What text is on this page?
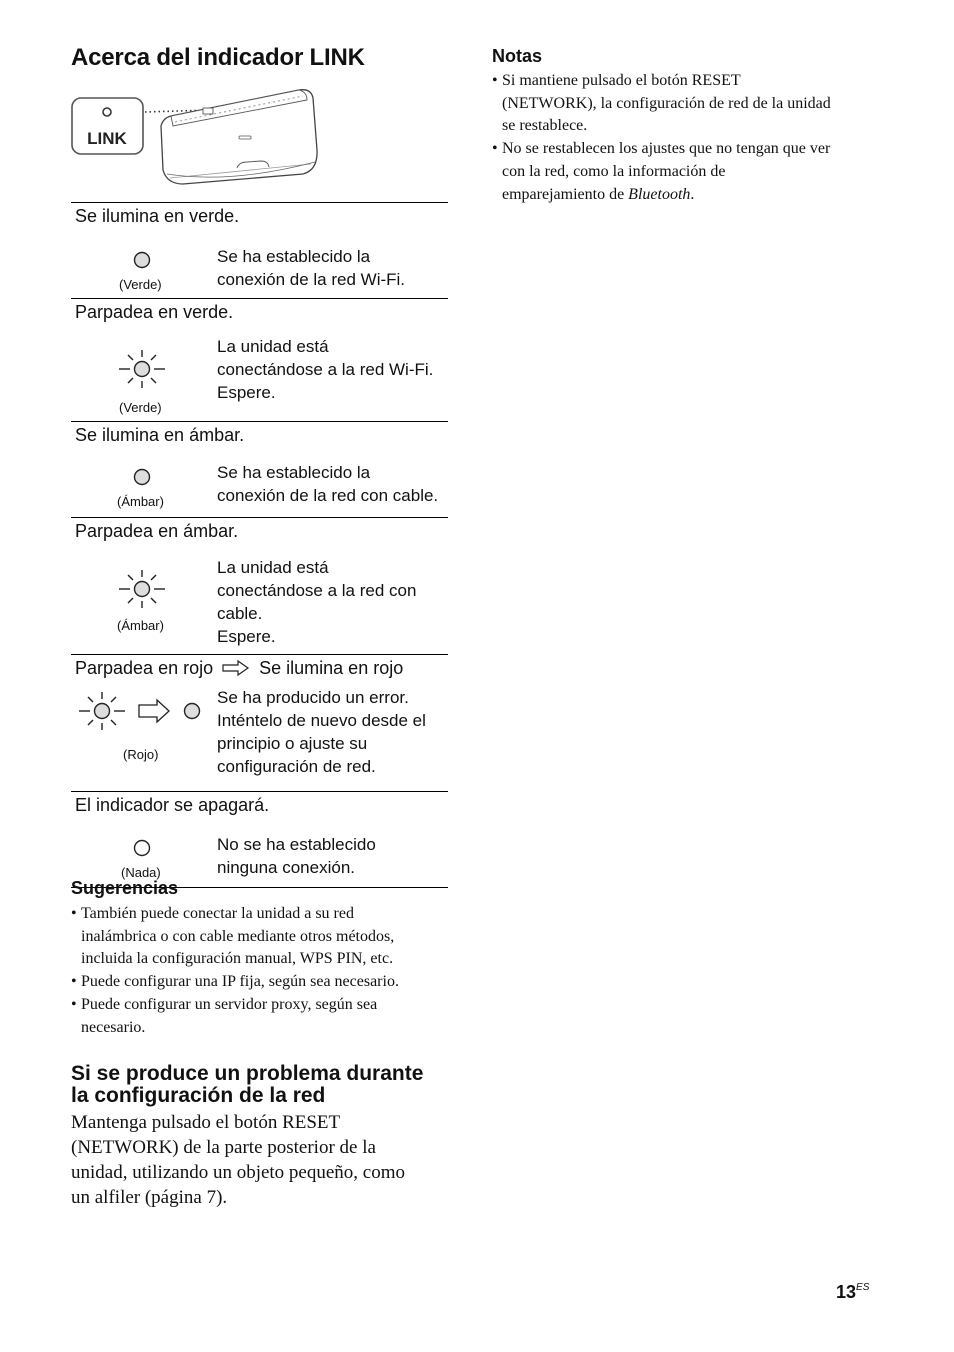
Acerca del indicador LINK
LINK
Se ilumina en verde.
(Verde)
Se ha establecido la
conexión de la red Wi-Fi.
Parpadea en verde.
(Verde)
La unidad está
conectándose a la red Wi-Fi.
Espere.
Se ilumina en ámbar.
(Ámbar)
Se ha establecido la
conexión de la red con cable.
Parpadea en ámbar.
(Ámbar)
La unidad está
conectándose a la red con
cable.
Espere.
Parpadea en rojo	Se ilumina en rojo
(Rojo)
Se ha producido un error.
Inténtelo de nuevo desde el
principio o ajuste su
configuración de red.
El indicador se apagará.
(Nada)
No se ha establecido
ninguna conexión.
Sugerencias
• También puede conectar la unidad a su red
inalámbrica o con cable mediante otros métodos,
incluida la configuración manual, WPS PIN, etc.
• Puede configurar una IP fija, según sea necesario.
• Puede configurar un servidor proxy, según sea
necesario.
Si se produce un problema durante
la configuración de la red
Mantenga pulsado el botón RESET
(NETWORK) de la parte posterior de la
unidad, utilizando un objeto pequeño, como
un alfiler (página 7).
Notas
• Si mantiene pulsado el botón RESET
(NETWORK), la configuración de red de la unidad
se restablece.
• No se restablecen los ajustes que no tengan que ver
con la red, como la información de
emparejamiento de Bluetooth.
$13^{ES}$
